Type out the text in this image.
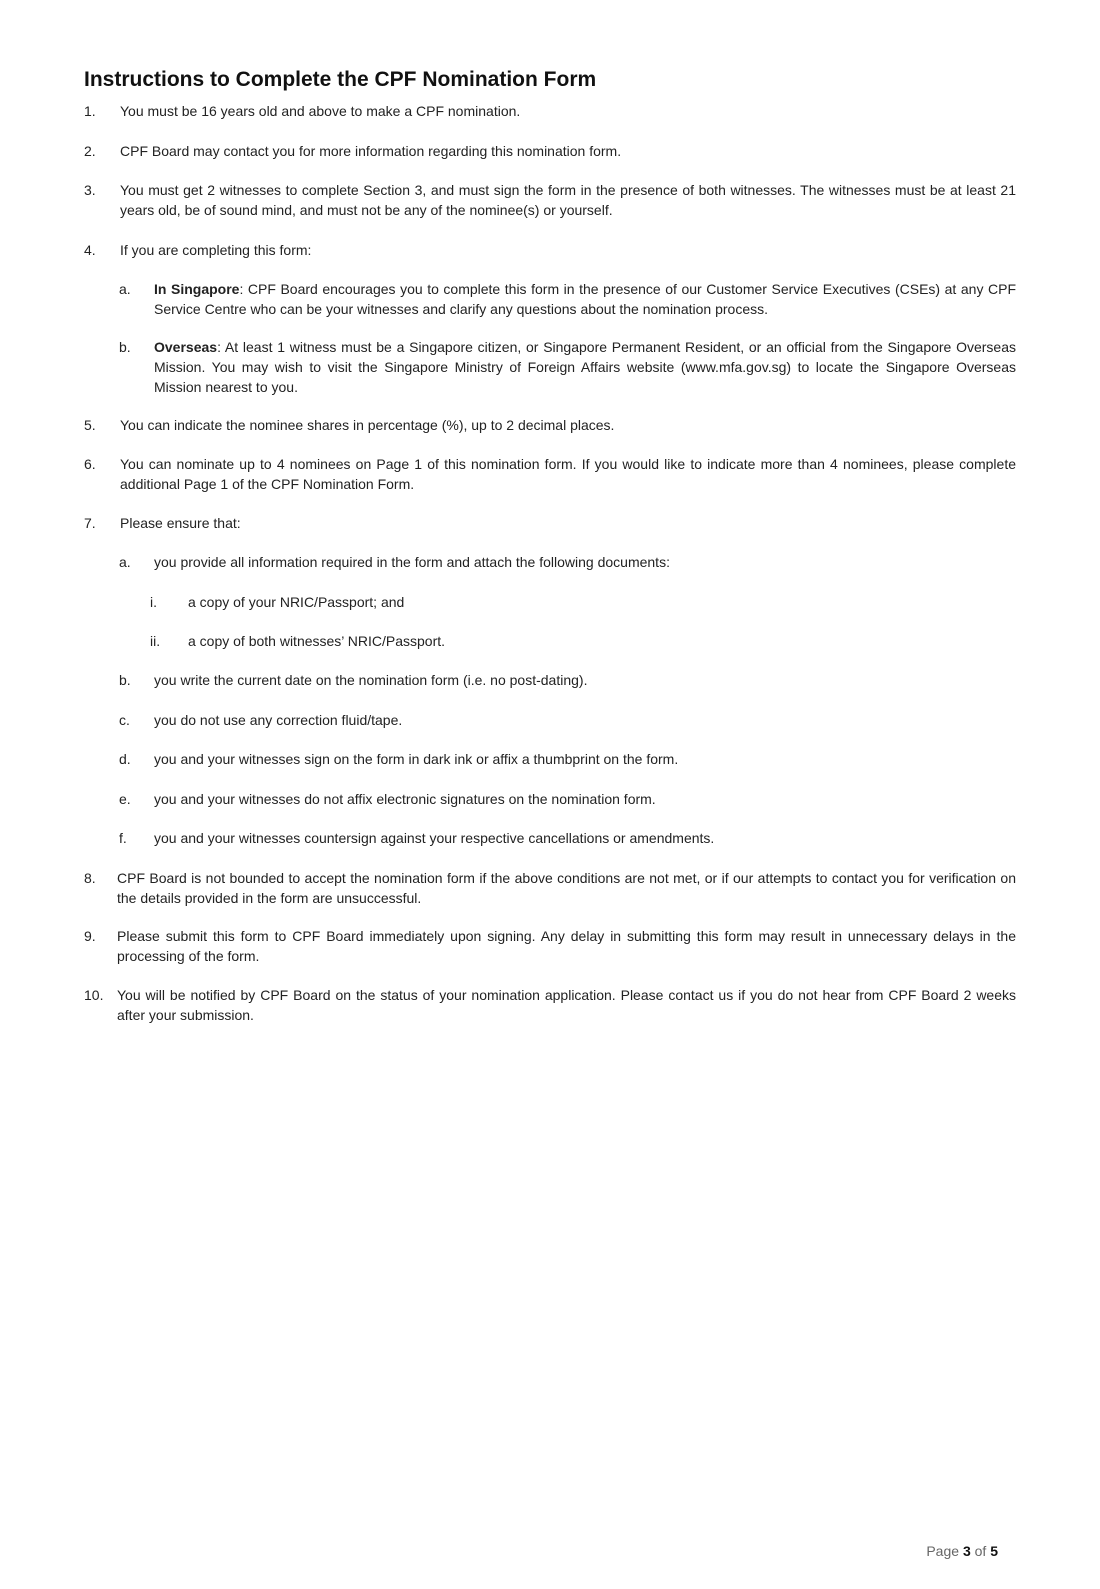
Instructions to Complete the CPF Nomination Form
1. You must be 16 years old and above to make a CPF nomination.
2. CPF Board may contact you for more information regarding this nomination form.
3. You must get 2 witnesses to complete Section 3, and must sign the form in the presence of both witnesses. The witnesses must be at least 21 years old, be of sound mind, and must not be any of the nominee(s) or yourself.
4. If you are completing this form:
a. In Singapore: CPF Board encourages you to complete this form in the presence of our Customer Service Executives (CSEs) at any CPF Service Centre who can be your witnesses and clarify any questions about the nomination process.
b. Overseas: At least 1 witness must be a Singapore citizen, or Singapore Permanent Resident, or an official from the Singapore Overseas Mission. You may wish to visit the Singapore Ministry of Foreign Affairs website (www.mfa.gov.sg) to locate the Singapore Overseas Mission nearest to you.
5. You can indicate the nominee shares in percentage (%), up to 2 decimal places.
6. You can nominate up to 4 nominees on Page 1 of this nomination form. If you would like to indicate more than 4 nominees, please complete additional Page 1 of the CPF Nomination Form.
7. Please ensure that:
a. you provide all information required in the form and attach the following documents:
i. a copy of your NRIC/Passport; and
ii. a copy of both witnesses’ NRIC/Passport.
b. you write the current date on the nomination form (i.e. no post-dating).
c. you do not use any correction fluid/tape.
d. you and your witnesses sign on the form in dark ink or affix a thumbprint on the form.
e. you and your witnesses do not affix electronic signatures on the nomination form.
f. you and your witnesses countersign against your respective cancellations or amendments.
8. CPF Board is not bounded to accept the nomination form if the above conditions are not met, or if our attempts to contact you for verification on the details provided in the form are unsuccessful.
9. Please submit this form to CPF Board immediately upon signing. Any delay in submitting this form may result in unnecessary delays in the processing of the form.
10. You will be notified by CPF Board on the status of your nomination application. Please contact us if you do not hear from CPF Board 2 weeks after your submission.
Page 3 of 5
